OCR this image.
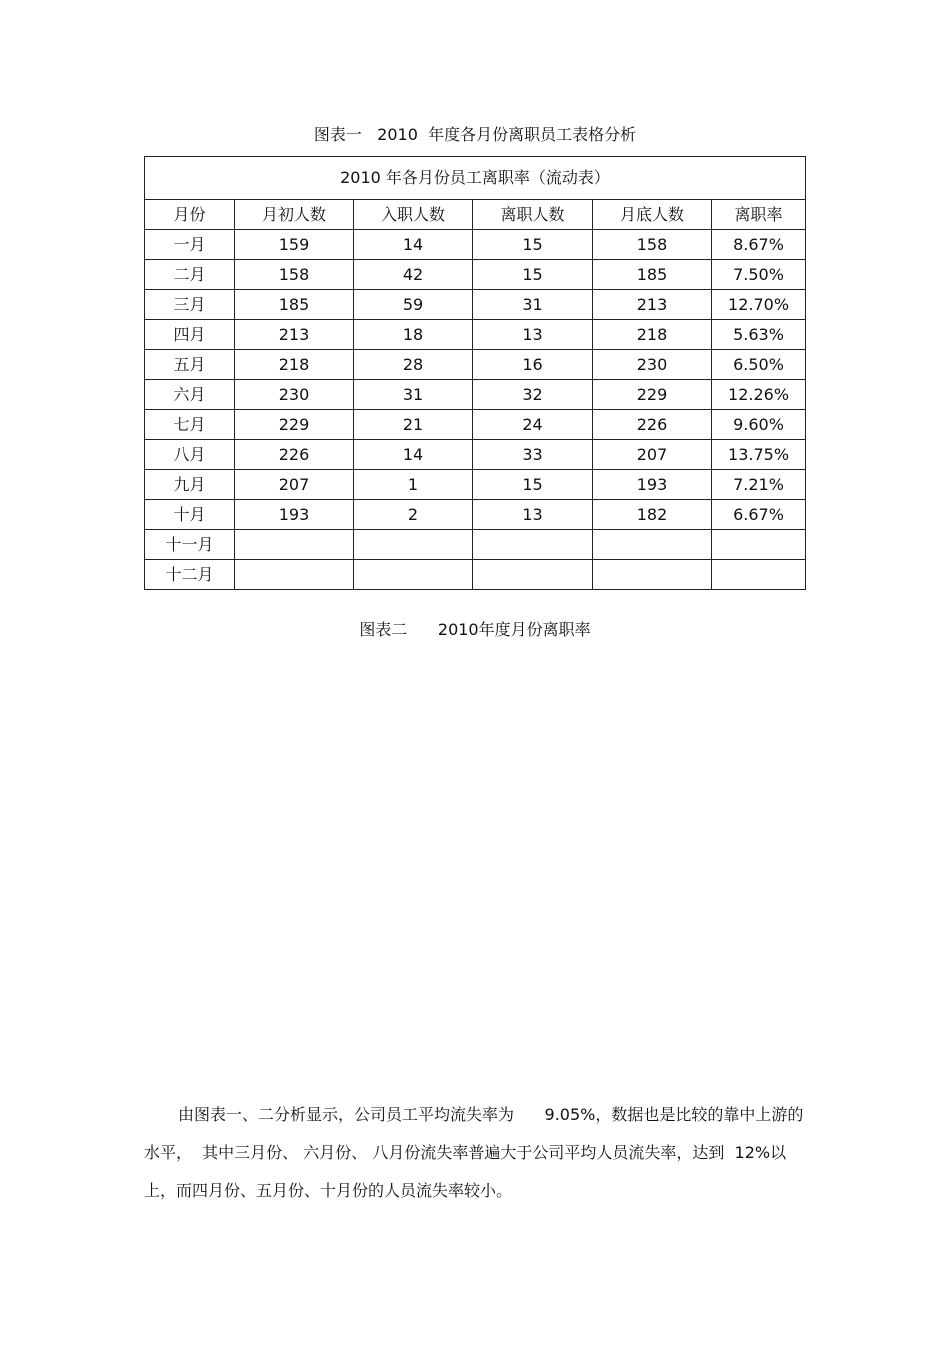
图表一   2010  年度各月份离职员工表格分析
2010 年各月份员工离职率（流动表）					
月份	月初人数	入职人数	离职人数	月底人数	离职率
一月	159	14	15	158	8.67%
二月	158	42	15	185	7.50%
三月	185	59	31	213	12.70%
四月	213	18	13	218	5.63%
五月	218	28	16	230	6.50%
六月	230	31	32	229	12.26%
七月	229	21	24	226	9.60%
八月	226	14	33	207	13.75%
九月	207	1	15	193	7.21%
十月	193	2	13	182	6.67%
十一月					
十二月					
图表二      2010年度月份离职率
由图表一、二分析显示，公司员工平均流失率为      9.05%，数据也是比较的靠中上游的水平，  其中三月份、 六月份、 八月份流失率普遍大于公司平均人员流失率，达到  12%以上，而四月份、五月份、十月份的人员流失率较小。
